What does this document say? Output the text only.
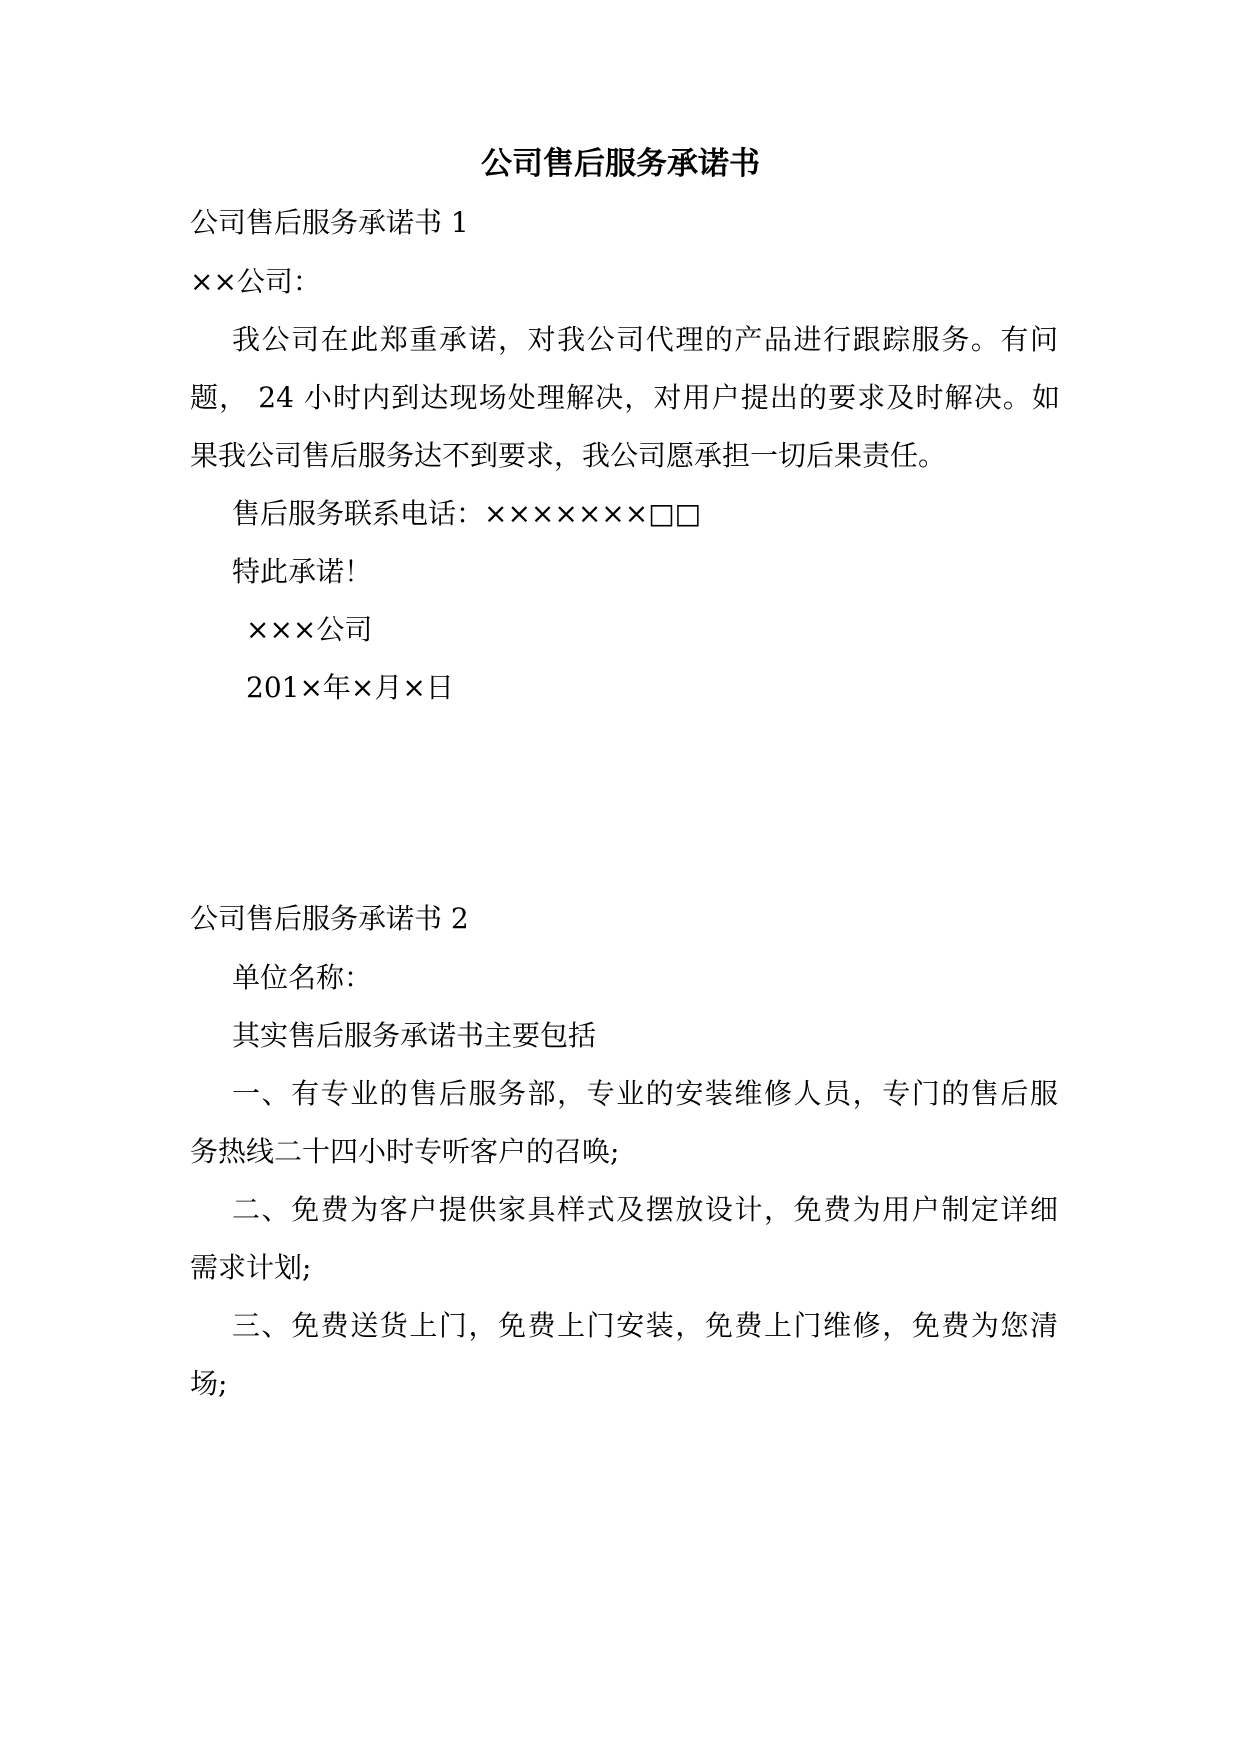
公司售后服务承诺书
公司售后服务承诺书 1
××公司：
我公司在此郑重承诺，对我公司代理的产品进行跟踪服务。有问
题， 24 小时内到达现场处理解决，对用户提出的要求及时解决。如
果我公司售后服务达不到要求，我公司愿承担一切后果责任。
售后服务联系电话：×××××××□□
特此承诺！
×××公司
201×年×月×日
公司售后服务承诺书 2
单位名称：
其实售后服务承诺书主要包括
一、有专业的售后服务部，专业的安装维修人员，专门的售后服
务热线二十四小时专听客户的召唤;
二、免费为客户提供家具样式及摆放设计，免费为用户制定详细
需求计划;
三、免费送货上门，免费上门安装，免费上门维修，免费为您清
场;
